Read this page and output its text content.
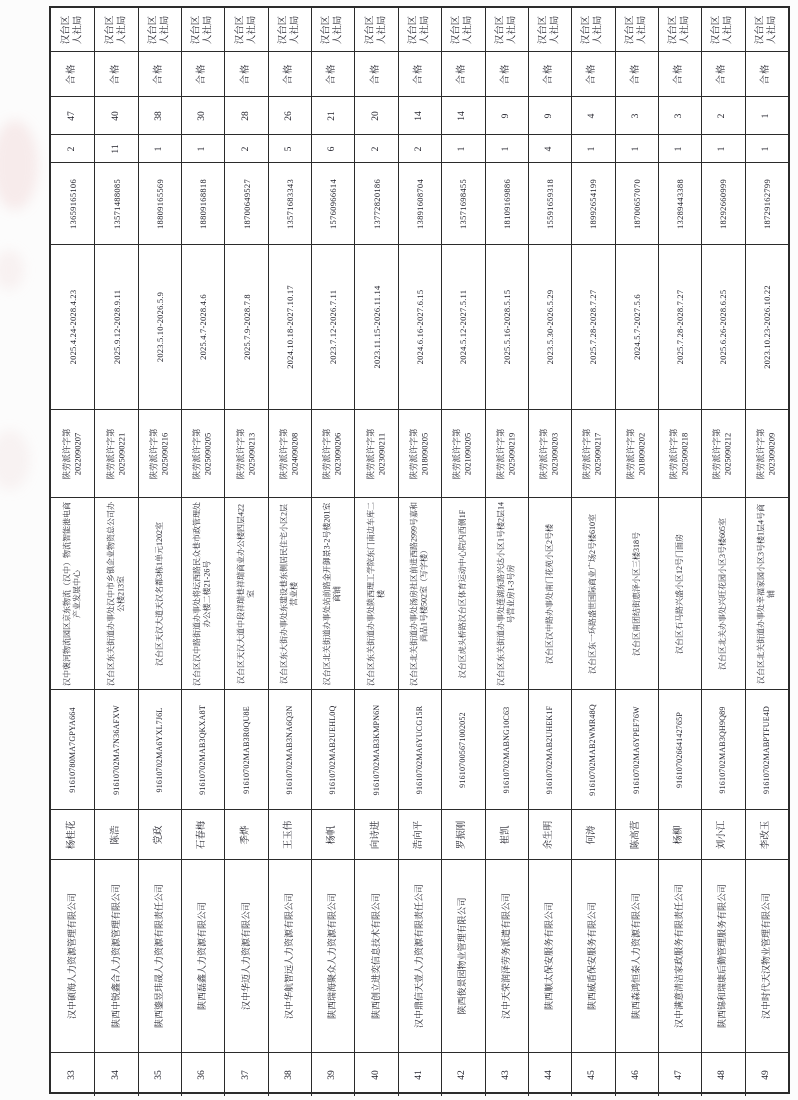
汉台区人社局
合格
47
2
13659165106
2025.4.24-2028.4.23
陕劳派许字第 2022090207
汉中褒河物流园区京东物流（汉中）物流智能港电商产业发展中心
91610780MA7GPYA664
杨桂花
汉中硕海人力资源管理有限公司
33
汉台区人社局
合格
40
11
13571488085
2025.9.12-2028.9.11
陕劳派许字第 2025090221
汉台区东关街道办事处汉中市乡镇企业物资总公司办公楼213室
91610702MA7N36AFXW
陈浩
陕西中锐鑫合人力资源管理有限公司
34
汉台区人社局
合格
38
1
18809165569
2023.5.10-2026.5.9
陕劳派许字第 2025090216
汉台区天汉大道天汉名都3栋1单元1202室
91610702MA6YXL7J6L
党政
陕西鎏昱玮晟人力资源有限责任公司
35
汉台区人社局
合格
30
1
18809168818
2025.4.7-2028.4.6
陕劳派许字第 2025090205
汉台区汉中路街道办事处将坛西路民众巷市政管理处办公楼二楼21-26号
91610702MAB3QKXA8T
石春梅
陕西磊鑫人力资源有限公司
36
汉台区人社局
合格
28
2
18700649527
2025.7.9-2028.7.8
陕劳派许字第 2025090213
汉台区天汉大道中段祥瑞巷祥瑞商业办公楼四层422室
91610702MAB3R0QU8E
季烨
汉中华迈人力资源有限公司
37
汉台区人社局
合格
26
5
13571683343
2024.10.18-2027.10.17
陕劳派许字第 2024090208
汉台区东大街办事处东建设巷东侧居民住宅小区2层营业楼
91610702MAB3NA6Q3N
王玉伟
汉中华航智远人力资源有限公司
38
汉台区人社局
合格
21
6
15760966614
2023.7.12-2026.7.11
陕劳派许字第 2023090206
汉台区北关街道办事处站前路金开御景3-2号楼201室商铺
91610702MAB2UEHL0Q
杨帆
陕西瑞海聚众人力资源有限公司
39
汉台区人社局
合格
20
2
13772820186
2023.11.15-2026.11.14
陕劳派许字第 2023090211
汉台区东关街道办事处陕西理工学院东门南边车库二楼
91610702MAB3KMPN6N
向诗进
陕西创立进奕信息技术有限公司
40
汉台区人社局
合格
14
2
13891608704
2024.6.16-2027.6.15
陕劳派许字第 2018090205
汉台区北关街道办事处汤房社区前进西路2999号嘉和尚品1号楼502室（写字楼）
91610702MA6YUCG15R
浩向平
汉中鼎信天壹人力资源有限责任公司
41
汉台区人社局
合格
14
1
13571698455
2024.5.12-2027.5.11
陕劳派许字第 2021090205
汉台区虎头桥路汉台区体育运动中心院内西侧1F
916107005671002052
罗振刚
陕西俊景园物业管理有限公司
42
汉台区人社局
合格
9
1
18109169886
2025.5.16-2028.5.15
陕劳派许字第 2025090219
汉台区东关街道办事处莲湖东路兴达小区1号楼2层14号营业房1-3号房
91610702MABNG10C63
崔凯
汉中天荣润泽劳务派遣有限公司
43
汉台区人社局
合格
9
4
15591659318
2023.5.30-2026.5.29
陕劳派许字第 2023090203
汉台区汉中路办事处南门花苑小区2号楼
91610702MAB2UHEK1F
余生明
陕西顺太保安服务有限公司
44
汉台区人社局
合格
4
1
18992654199
2025.7.28-2028.7.27
陕劳派许字第 2025090217
汉台区东一环路盛世国际商业广场2号楼610室
91610702MAB2WMR48Q
何涛
陕西威盾保安服务有限公司
45
汉台区人社局
合格
3
1
18700657070
2024.5.7-2027.5.6
陕劳派许字第 2018090202
汉台区南团结街惠泽小区三楼318号
91610702MA6YPEF76W
陈高营
陕西森鸿恒泰人力资源有限公司
46
汉台区人社局
合格
3
1
13289443388
2025.7.28-2028.7.27
陕劳派许字第 2025090218
汉台区石马路兴盛小区12号门面房
91610702664142765P
杨柳
汉中满意清洁家政服务有限责任公司
47
汉台区人社局
合格
2
1
18292660999
2025.6.26-2028.6.25
陕劳派许字第 2025090212
汉台区北关办事处兴旺花园小区3号楼605室
91610702MAB3QH9Q89
刘小江
陕西锦和瑞康后勤管理服务有限公司
48
汉台区人社局
合格
1
1
18729162799
2023.10.23-2026.10.22
陕劳派许字第 2023090209
汉台区北关街道办事处幸福家园小区3号楼1层4号商铺
91610702MABPTFUE4D
李改玉
汉中时代天汉物业管理有限公司
49
